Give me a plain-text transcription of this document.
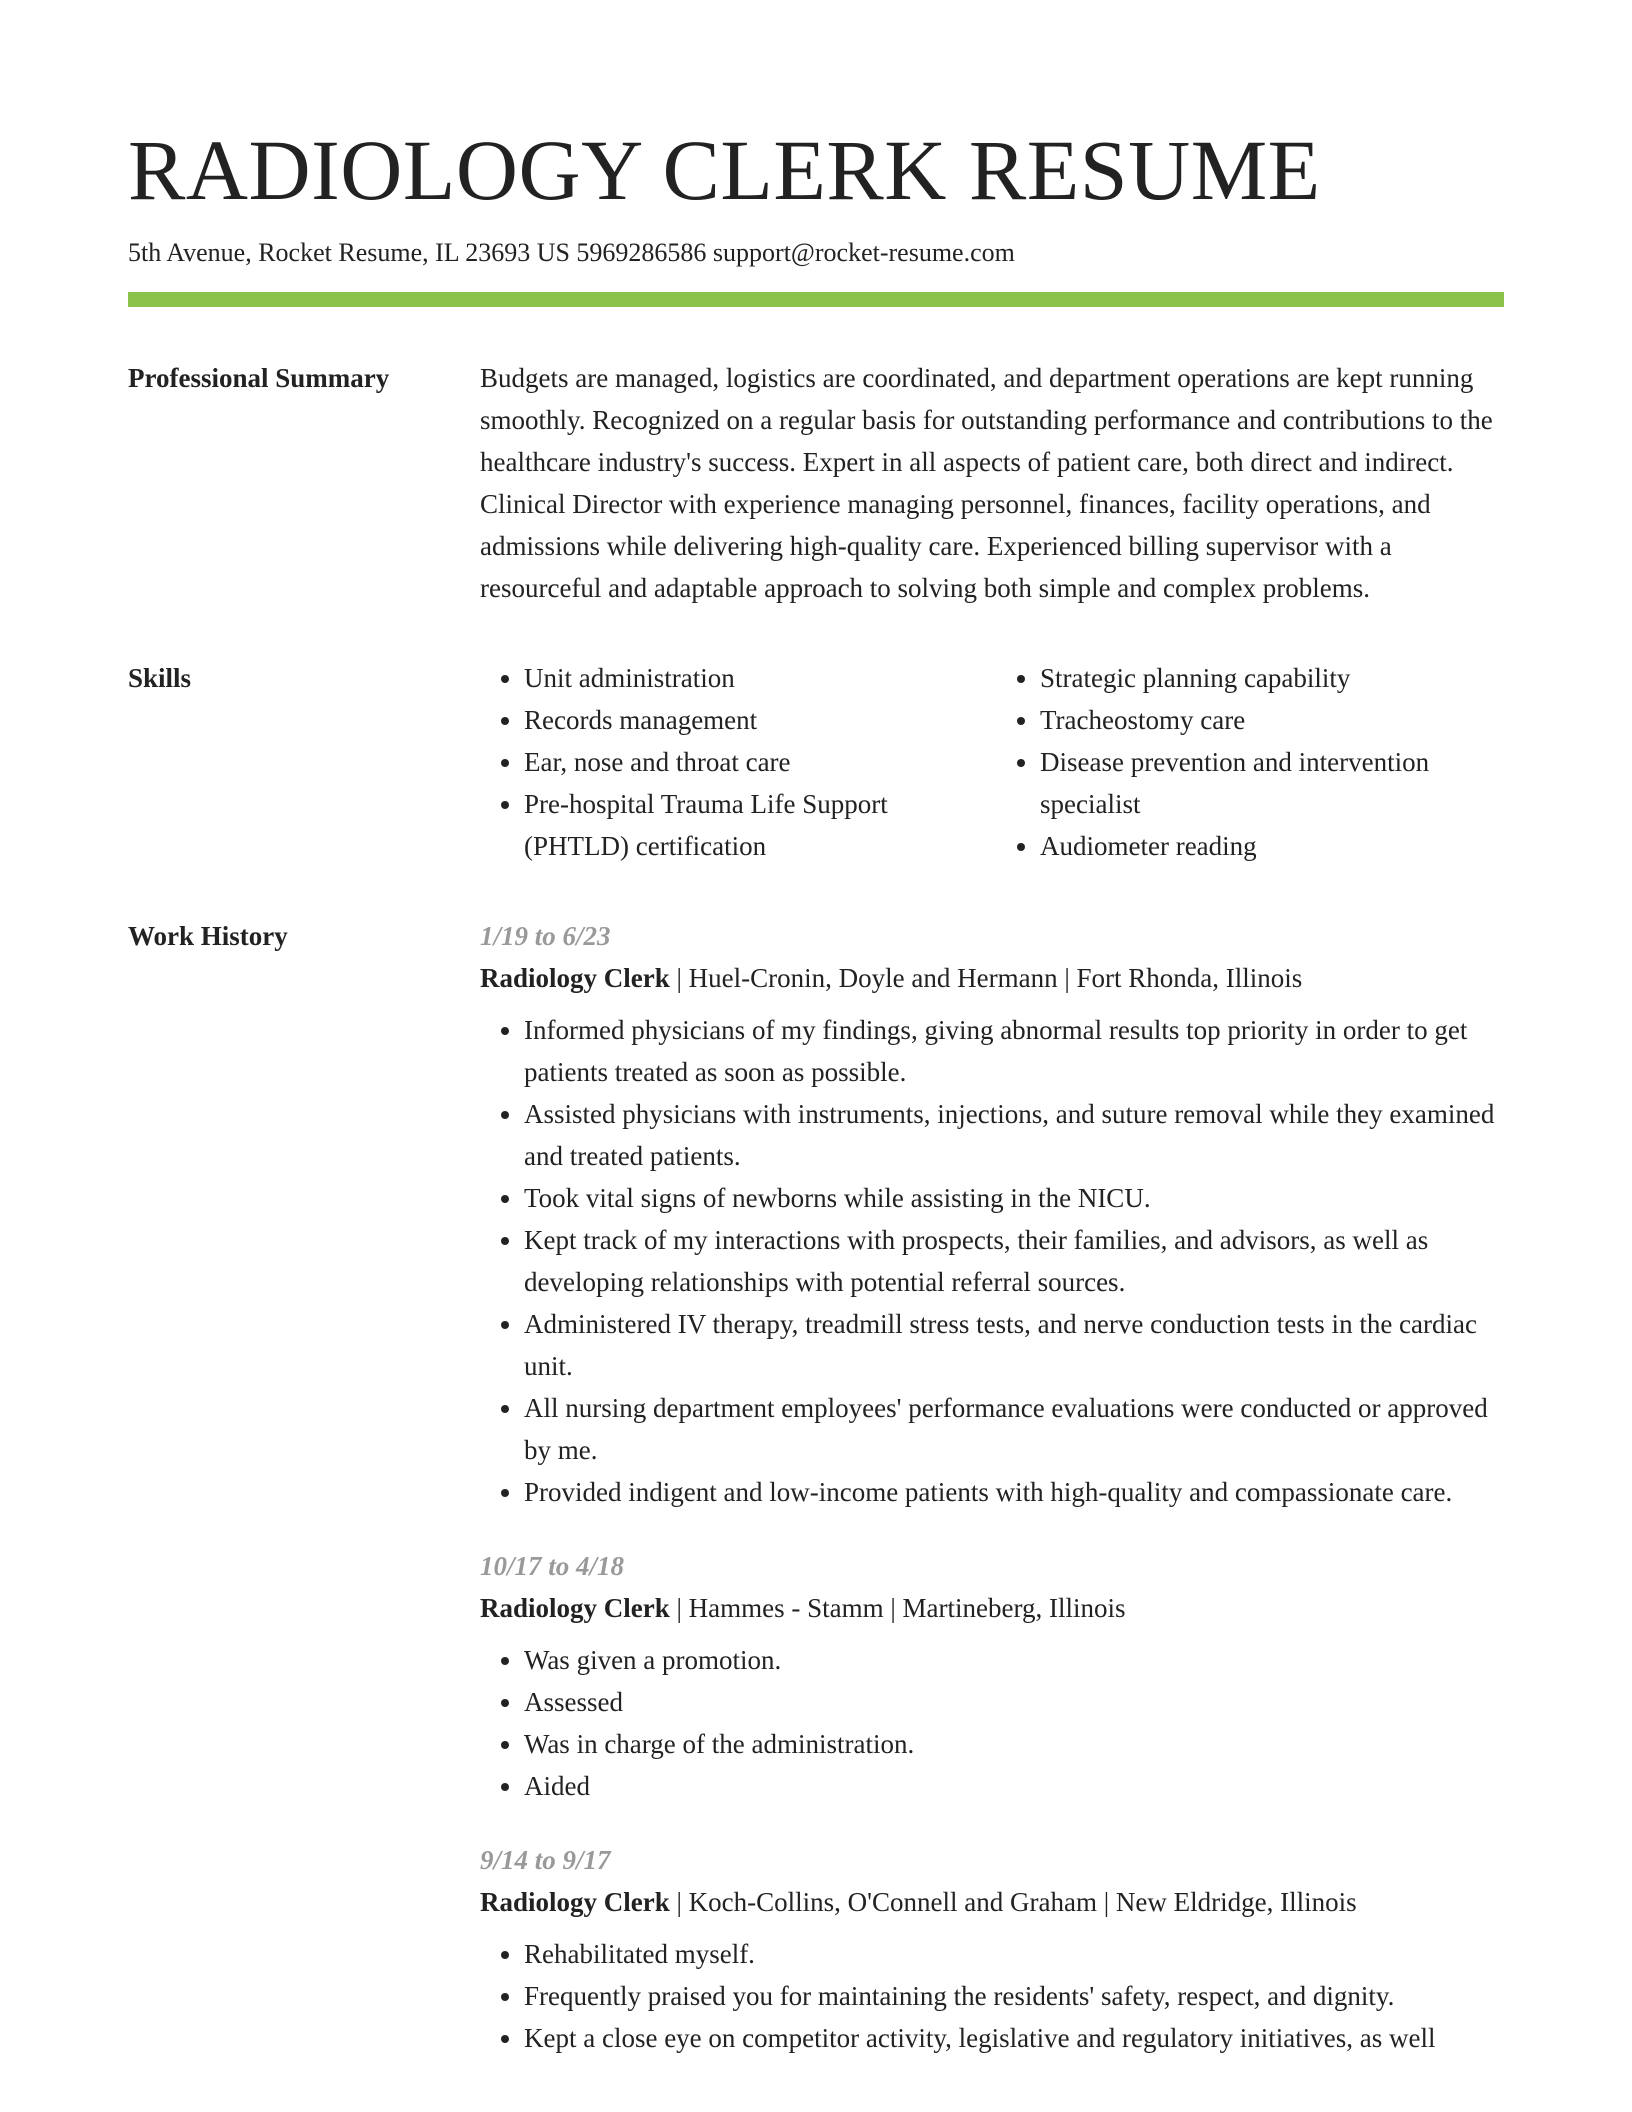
RADIOLOGY CLERK RESUME
5th Avenue, Rocket Resume, IL 23693 US 5969286586 support@rocket-resume.com
Professional Summary	Budgets are managed, logistics are coordinated, and department operations are kept running smoothly. Recognized on a regular basis for outstanding performance and contributions to the healthcare industry's success. Expert in all aspects of patient care, both direct and indirect. Clinical Director with experience managing personnel, finances, facility operations, and admissions while delivering high-quality care. Experienced billing supervisor with a resourceful and adaptable approach to solving both simple and complex problems.

Skills
•	Unit administration
• Records management
• Ear, nose and throat care
• Pre-hospital Trauma Life Support (PHTLD) certification
• Strategic planning capability
• Tracheostomy care
• Disease prevention and intervention specialist
• Audiometer reading
Work History	1/19 to 6/23

Radiology Clerk | Huel-Cronin, Doyle and Hermann | Fort Rhonda, Illinois

• Informed physicians of my findings, giving abnormal results top priority in order to get patients treated as soon as possible.
• Assisted physicians with instruments, injections, and suture removal while they examined and treated patients.
• Took vital signs of newborns while assisting in the NICU.
• Kept track of my interactions with prospects, their families, and advisors, as well as developing relationships with potential referral sources.
• Administered IV therapy, treadmill stress tests, and nerve conduction tests in the cardiac unit.
• All nursing department employees' performance evaluations were conducted or approved by me.
• Provided indigent and low-income patients with high-quality and compassionate care.

10/17 to 4/18

Radiology Clerk | Hammes - Stamm | Martineberg, Illinois

• Was given a promotion.
• Assessed
• Was in charge of the administration.
• Aided

9/14 to 9/17

Radiology Clerk | Koch-Collins, O'Connell and Graham | New Eldridge, Illinois

• Rehabilitated myself.
• Frequently praised you for maintaining the residents' safety, respect, and dignity.
• Kept a close eye on competitor activity, legislative and regulatory initiatives, as well
